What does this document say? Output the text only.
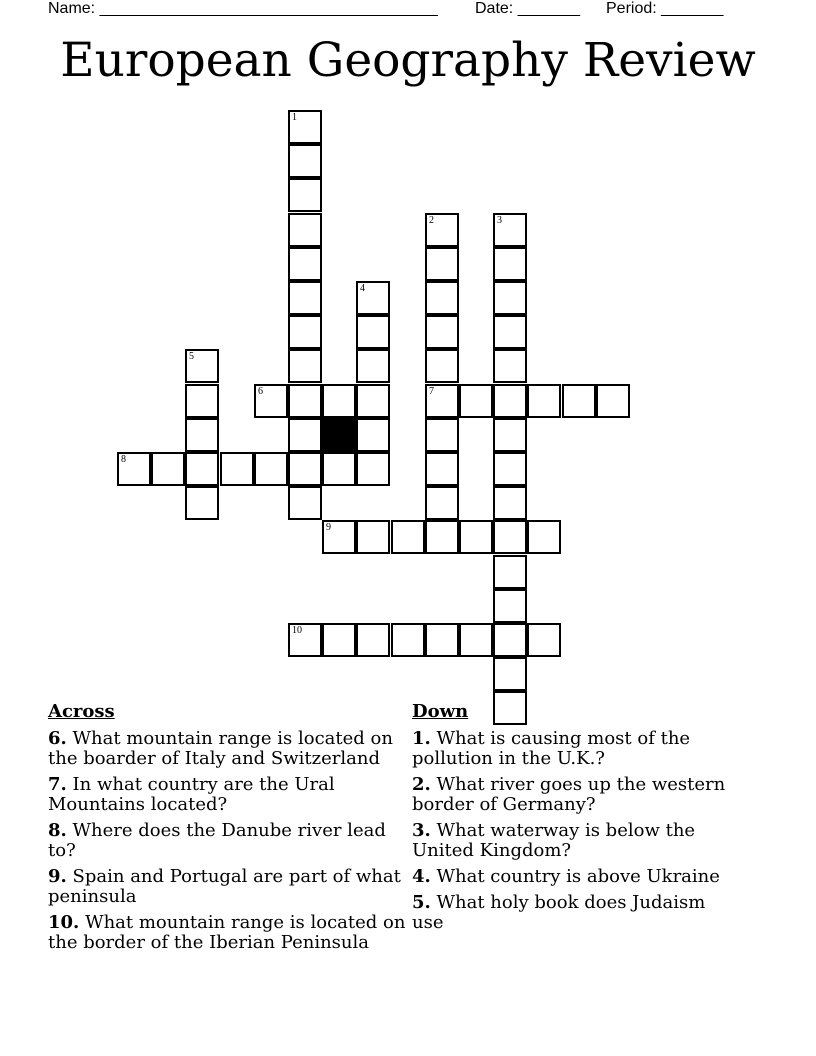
Name: ______________________________________ Date: _______ Period: _______
European Geography Review
1
2
7
3
4
5
6
8
9
10
Across
6. What mountain range is located on the boarder of Italy and Switzerland
7. In what country are the Ural Mountains located?
8. Where does the Danube river lead to?
9. Spain and Portugal are part of what peninsula
10. What mountain range is located on the border of the Iberian Peninsula
Down
1. What is causing most of the pollution in the U.K.?
2. What river goes up the western border of Germany?
3. What waterway is below the United Kingdom?
4. What country is above Ukraine
5. What holy book does Judaism use
